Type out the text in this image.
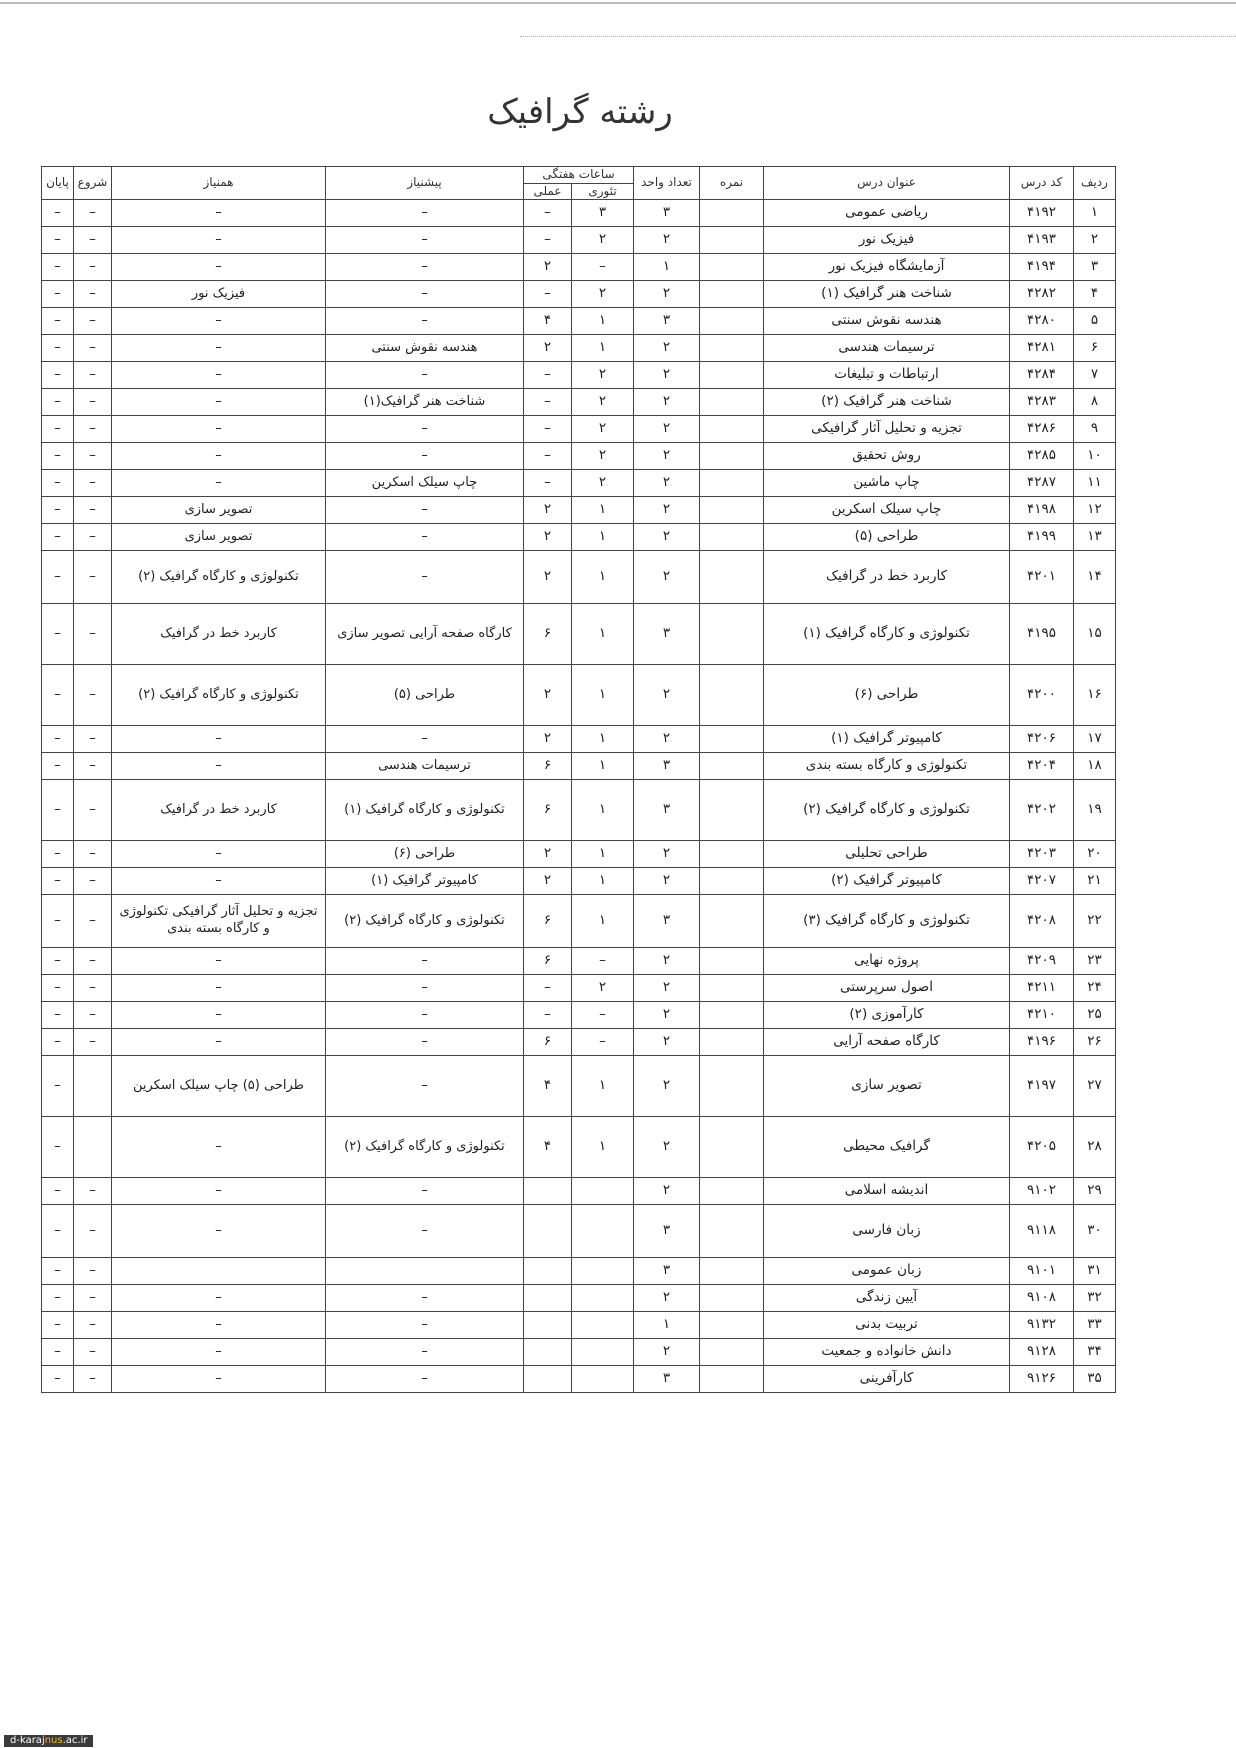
رشته گرافیک
ردیف	کد درس	عنوان درس	نمره	تعداد واحد	ساعات هفتگی		پیشنیاز	همنیاز	شروع	پایان
					تئوری	عملی				
۱	۴۱۹۲	ریاضی عمومی		۳	۳	–	–	–	–	–
۲	۴۱۹۳	فیزیک نور		۲	۲	–	–	–	–	–
۳	۴۱۹۴	آزمایشگاه فیزیک نور		۱	–	۲	–	–	–	–
۴	۴۲۸۲	شناخت هنر گرافیک (۱)		۲	۲	–	–	فیزیک نور	–	–
۵	۴۲۸۰	هندسه نقوش سنتی		۳	۱	۴	–	–	–	–
۶	۴۲۸۱	ترسیمات هندسی		۲	۱	۲	هندسه نقوش سنتی	–	–	–
۷	۴۲۸۴	ارتباطات و تبلیغات		۲	۲	–	–	–	–	–
۸	۴۲۸۳	شناخت هنر گرافیک (۲)		۲	۲	–	شناخت هنر گرافیک(۱)	–	–	–
۹	۴۲۸۶	تجزیه و تحلیل آثار گرافیکی		۲	۲	–	–	–	–	–
۱۰	۴۲۸۵	روش تحقیق		۲	۲	–	–	–	–	–
۱۱	۴۲۸۷	چاپ ماشین		۲	۲	–	چاپ سیلک اسکرین	–	–	–
۱۲	۴۱۹۸	چاپ سیلک اسکرین		۲	۱	۲	–	تصویر سازی	–	–
۱۳	۴۱۹۹	طراحی (۵)		۲	۱	۲	–	تصویر سازی	–	–
۱۴	۴۲۰۱	کاربرد خط در گرافیک		۲	۱	۲	–	تکنولوژی و کارگاه گرافیک (۲)	–	–
۱۵	۴۱۹۵	تکنولوژی و کارگاه گرافیک (۱)		۳	۱	۶	کارگاه صفحه آرایی تصویر سازی	کاربرد خط در گرافیک	–	–
۱۶	۴۲۰۰	طراحی (۶)		۲	۱	۲	طراحی (۵)	تکنولوژی و کارگاه گرافیک (۲)	–	–
۱۷	۴۲۰۶	کامپیوتر گرافیک (۱)		۲	۱	۲	–	–	–	–
۱۸	۴۲۰۴	تکنولوژی و کارگاه بسته بندی		۳	۱	۶	ترسیمات هندسی	–	–	–
۱۹	۴۲۰۲	تکنولوژی و کارگاه گرافیک (۲)		۳	۱	۶	تکنولوژی و کارگاه گرافیک (۱)	کاربرد خط در گرافیک	–	–
۲۰	۴۲۰۳	طراحی تحلیلی		۲	۱	۲	طراحی (۶)	–	–	–
۲۱	۴۲۰۷	کامپیوتر گرافیک (۲)		۲	۱	۲	کامپیوتر گرافیک (۱)	–	–	–
۲۲	۴۲۰۸	تکنولوژی و کارگاه گرافیک (۳)		۳	۱	۶	تکنولوژی و کارگاه گرافیک (۲)	تجزیه و تحلیل آثار گرافیکی تکنولوژی و کارگاه بسته بندی	–	–
۲۳	۴۲۰۹	پروژه نهایی		۲	–	۶	–	–	–	–
۲۴	۴۲۱۱	اصول سرپرستی		۲	۲	–	–	–	–	–
۲۵	۴۲۱۰	کارآموزی (۲)		۲	–	–	–	–	–	–
۲۶	۴۱۹۶	کارگاه صفحه آرایی		۲	–	۶	–	–	–	–
۲۷	۴۱۹۷	تصویر سازی		۲	۱	۴	–	طراحی (۵) چاپ سیلک اسکرین		–
۲۸	۴۲۰۵	گرافیک محیطی		۲	۱	۴	تکنولوژی و کارگاه گرافیک (۲)	–		–
۲۹	۹۱۰۲	اندیشه اسلامی		۲			–	–	–	–
۳۰	۹۱۱۸	زبان فارسی		۳			–	–	–	–
۳۱	۹۱۰۱	زبان عمومی		۳					–	–
۳۲	۹۱۰۸	آیین زندگی		۲			–	–	–	–
۳۳	۹۱۳۲	تربیت بدنی		۱			–	–	–	–
۳۴	۹۱۲۸	دانش خانواده و جمعیت		۲			–	–	–	–
۳۵	۹۱۲۶	کارآفرینی		۳			–	–	–	–
d-karajnus.ac.ir
